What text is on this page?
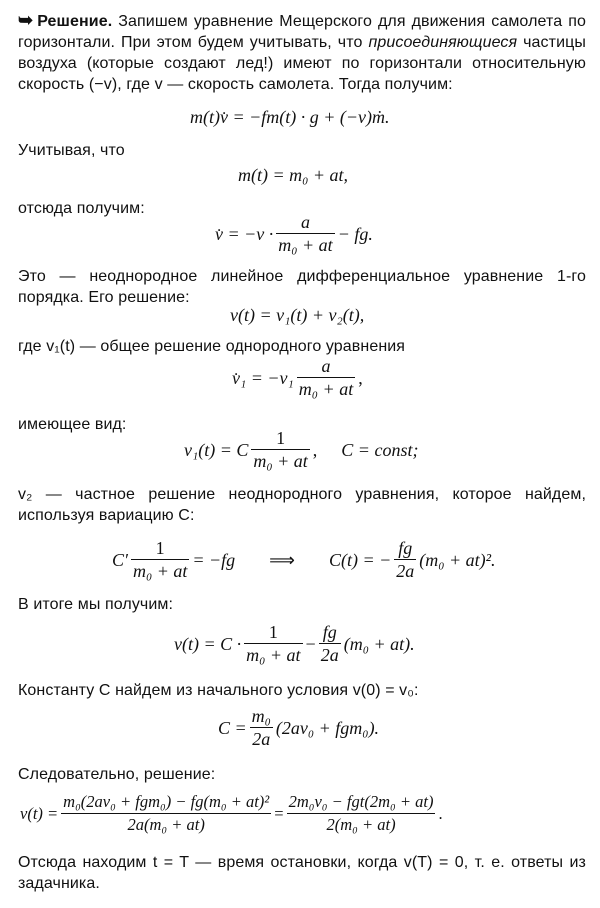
➥ Решение. Запишем уравнение Мещерского для движения самолета по горизонтали. При этом будем учитывать, что присоединяющиеся частицы воздуха (которые создают лед!) имеют по горизонтали относительную скорость (−v), где v — скорость самолета. Тогда получим:
m(t)v̇ = −fm(t) · g + (−v)ṁ.
Учитывая, что
m(t) = m₀ + at,
отсюда получим:
v̇ = $-v \cdot \frac{a}{\text{m₀ + at}}$ − fg.
Это — неоднородное линейное дифференциальное уравнение 1-го порядка. Его решение:
v(t) = v₁(t) + v₂(t),
где v₁(t) — общее решение однородного уравнения
v̇₁ = $-v_1 \frac{a}{\text{m₀ + at}}$ ,
имеющее вид:
v₁(t) = C $\frac{1}{\text{m₀ + at}}$ , C = const;
v₂ — частное решение неоднородного уравнения, которое найдем, используя вариацию C:
$C' \frac{1}{\text{m₀ + at}} = -fg$ ⟹ C(t) = − $\frac{fg}{2a} (m_0 + at)^2$.
В итоге мы получим:
$v(t) = C \cdot \frac{1}{\text{m₀ + at}} - \frac{fg}{2a} (m_0 + at)$.
Константу C найдем из начального условия v(0) = v₀:
$C = \frac{\text{m₀}}{2a} (2av_0 + fgm_0)$.
Следовательно, решение:
$v(t) = \frac{\text{m₀(2av₀ + fgm₀) − fg(m₀ + at)²}}{\text{2a(m₀ + at)}} = \frac{\text{2m₀v₀ − fgt(2m₀ + at)}}{\text{2(m₀ + at)}}$ .
Отсюда находим t = T — время остановки, когда v(T) = 0, т. е. ответы из задачника.
